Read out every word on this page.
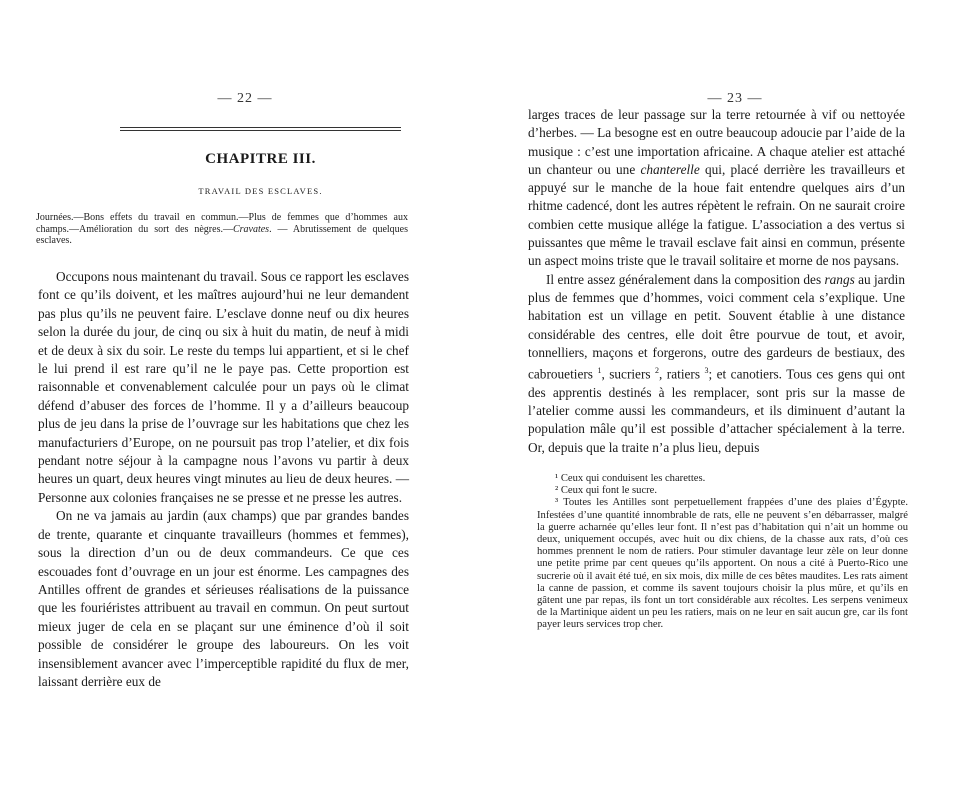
— 22 —
CHAPITRE III.
TRAVAIL DES ESCLAVES.
Journées.—Bons effets du travail en commun.—Plus de femmes que d’hommes aux champs.—Amélioration du sort des nègres.—Cravates. — Abrutissement de quelques esclaves.

Occupons nous maintenant du travail. Sous ce rapport les esclaves font ce qu’ils doivent, et les maîtres aujourd’hui ne leur demandent pas plus qu’ils ne peuvent faire. L’esclave donne neuf ou dix heures selon la durée du jour, de cinq ou six à huit du matin, de neuf à midi et de deux à six du soir. Le reste du temps lui appartient, et si le chef le lui prend il est rare qu’il ne le paye pas. Cette proportion est raisonnable et convenablement calculée pour un pays où le climat défend d’abuser des forces de l’homme. Il y a d’ailleurs beaucoup plus de jeu dans la prise de l’ouvrage sur les habitations que chez les manufacturiers d’Europe, on ne poursuit pas trop l’atelier, et dix fois pendant notre séjour à la campagne nous l’avons vu partir à deux heures un quart, deux heures vingt minutes au lieu de deux heures. — Personne aux colonies françaises ne se presse et ne presse les autres.

On ne va jamais au jardin (aux champs) que par grandes bandes de trente, quarante et cinquante travailleurs (hommes et femmes), sous la direction d’un ou de deux commandeurs. Ce que ces escouades font d’ouvrage en un jour est énorme. Les campagnes des Antilles offrent de grandes et sérieuses réalisations de la puissance que les fouriéristes attribuent au travail en commun. On peut surtout mieux juger de cela en se plaçant sur une éminence d’où il soit possible de considérer le groupe des laboureurs. On les voit insensiblement avancer avec l’imperceptible rapidité du flux de mer, laissant derrière eux de

— 23 —

larges traces de leur passage sur la terre retournée à vif ou nettoyée d’herbes. — La besogne est en outre beaucoup adoucie par l’aide de la musique : c’est une importation africaine. A chaque atelier est attaché un chanteur ou une chanterelle qui, placé derrière les travailleurs et appuyé sur le manche de la houe fait entendre quelques airs d’un rhitme cadencé, dont les autres répètent le refrain. On ne saurait croire combien cette musique allége la fatigue. L’association a des vertus si puissantes que même le travail esclave fait ainsi en commun, présente un aspect moins triste que le travail solitaire et morne de nos paysans.

Il entre assez généralement dans la composition des rangs au jardin plus de femmes que d’hommes, voici comment cela s’explique. Une habitation est un village en petit. Souvent établie à une distance considérable des centres, elle doit être pourvue de tout, et avoir, tonnelliers, maçons et forgerons, outre des gardeurs de bestiaux, des cabrouetiers $^1$, sucriers $^2$, ratiers $^3$; et canotiers. Tous ces gens qui ont des apprentis destinés à les remplacer, sont pris sur la masse de l’atelier comme aussi les commandeurs, et ils diminuent d’autant la population mâle qu’il est possible d’attacher spécialement à la terre. Or, depuis que la traite n’a plus lieu, depuis

¹ Ceux qui conduisent les charettes.

² Ceux qui font le sucre.

³ Toutes les Antilles sont perpetuellement frappées d’une des plaies d’Égypte. Infestées d’une quantité innombrable de rats, elle ne peuvent s’en débarrasser, malgré la guerre acharnée qu’elles leur font. Il n’est pas d’habitation qui n’ait un homme ou deux, uniquement occupés, avec huit ou dix chiens, de la chasse aux rats, d’où ces hommes prennent le nom de ratiers. Pour stimuler davantage leur zèle on leur donne une petite prime par cent queues qu’ils apportent. On nous a cité à Puerto-Rico une sucrerie où il avait été tué, en six mois, dix mille de ces bêtes maudites. Les rats aiment la canne de passion, et comme ils savent toujours choisir la plus mûre, et qu’ils en gâtent une par repas, ils font un tort considérable aux récoltes. Les serpens venimeux de la Martinique aident un peu les ratiers, mais on ne leur en sait aucun gre, car ils font payer leurs services trop cher.
